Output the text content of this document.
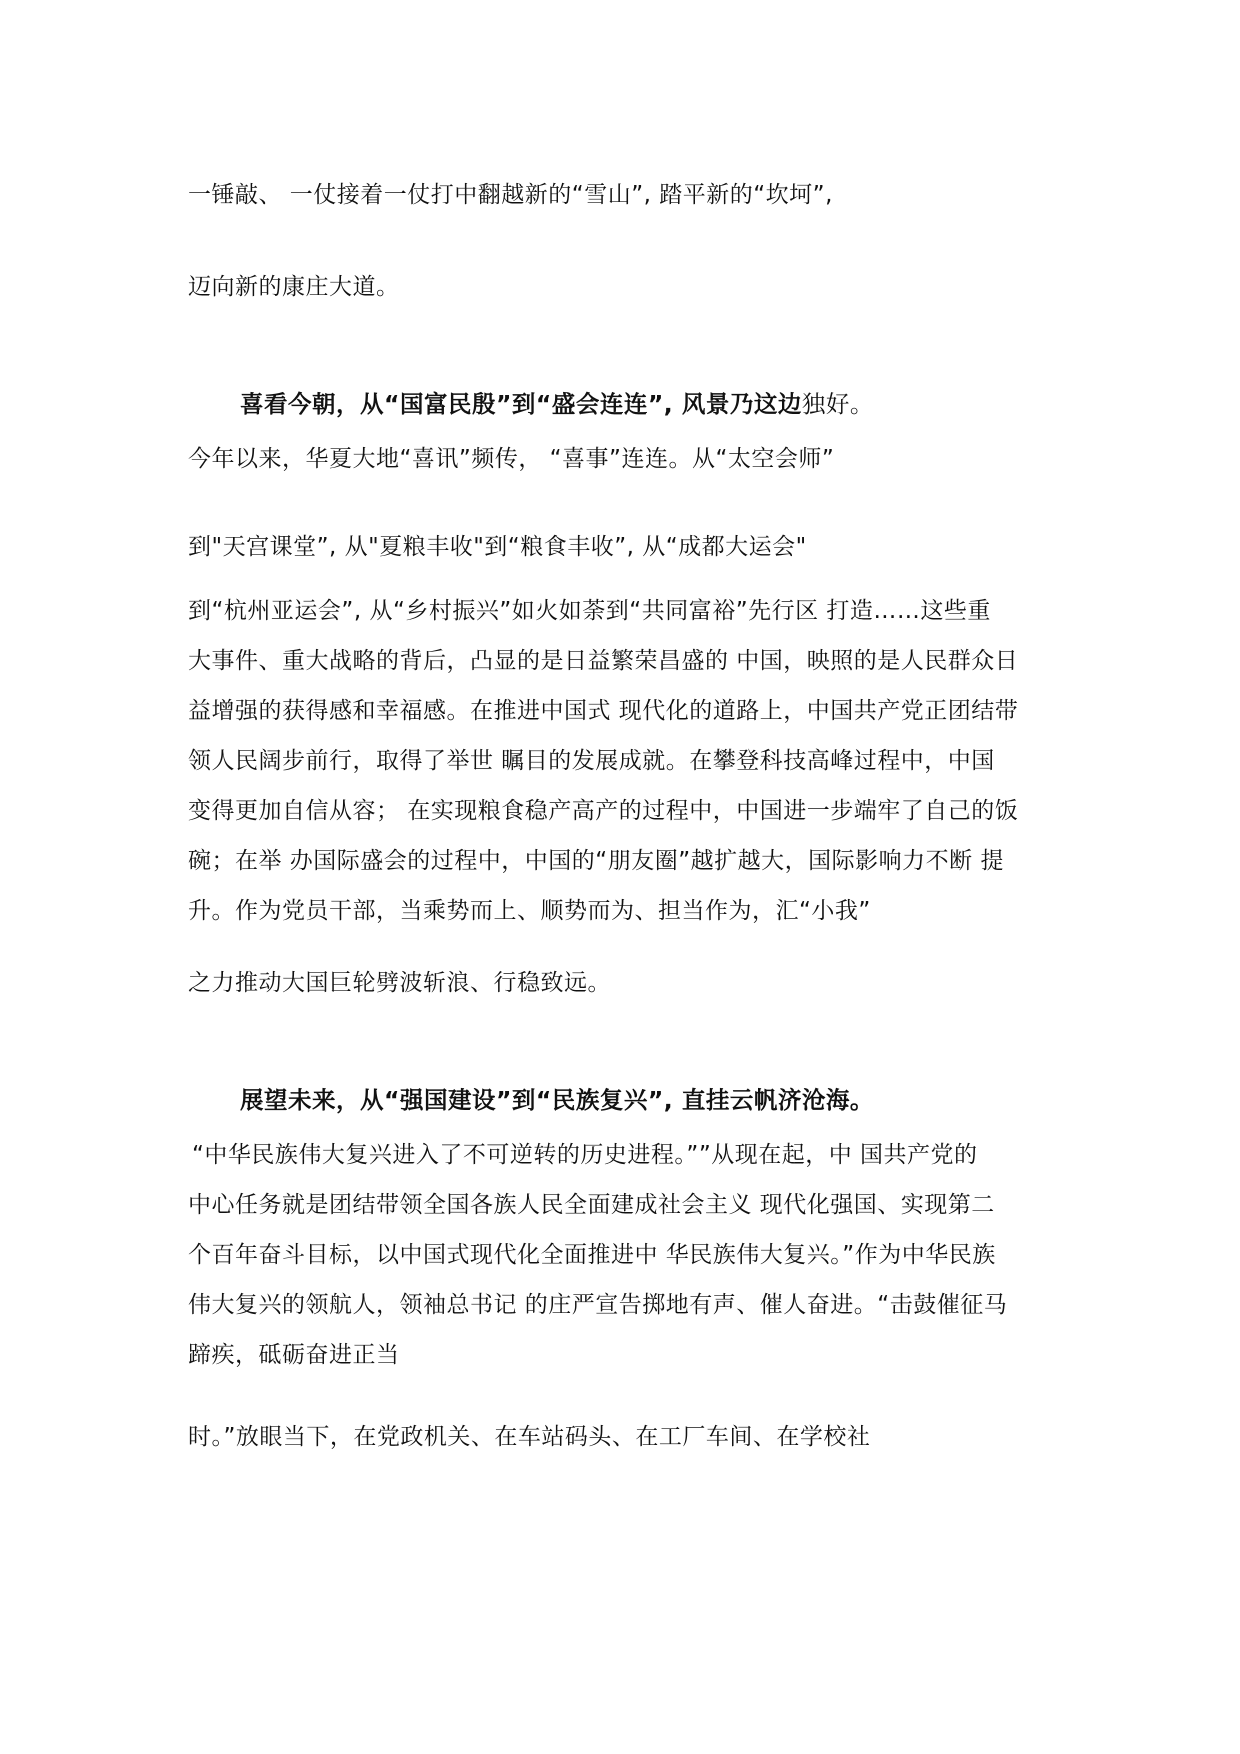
一锤敲、 一仗接着一仗打中翻越新的“雪山”, 踏平新的“坎坷”,
迈向新的康庄大道。
喜看今朝，从“国富民殷”到“盛会连连”, 风景乃这边独好。
今年以来，华夏大地“喜讯”频传， “喜事”连连。从“太空会师”
到"天宫课堂”, 从"夏粮丰收"到“粮食丰收”, 从“成都大运会"
到“杭州亚运会”, 从“乡村振兴”如火如荼到“共同富裕”先行区 打造……这些重
大事件、重大战略的背后，凸显的是日益繁荣昌盛的 中国，映照的是人民群众日
益增强的获得感和幸福感。在推进中国式 现代化的道路上，中国共产党正团结带
领人民阔步前行，取得了举世 瞩目的发展成就。在攀登科技高峰过程中，中国
变得更加自信从容； 在实现粮食稳产高产的过程中，中国进一步端牢了自己的饭
碗；在举 办国际盛会的过程中，中国的“朋友圈”越扩越大，国际影响力不断 提
升。作为党员干部，当乘势而上、顺势而为、担当作为，汇“小我”
之力推动大国巨轮劈波斩浪、行稳致远。
展望未来，从“强国建设”到“民族复兴”, 直挂云帆济沧海。
“中华民族伟大复兴进入了不可逆转的历史进程。””从现在起，中 国共产党的
中心任务就是团结带领全国各族人民全面建成社会主义 现代化强国、实现第二
个百年奋斗目标，以中国式现代化全面推进中 华民族伟大复兴。”作为中华民族
伟大复兴的领航人，领袖总书记 的庄严宣告掷地有声、催人奋进。“击鼓催征马
蹄疾，砥砺奋进正当
时。”放眼当下，在党政机关、在车站码头、在工厂车间、在学校社
